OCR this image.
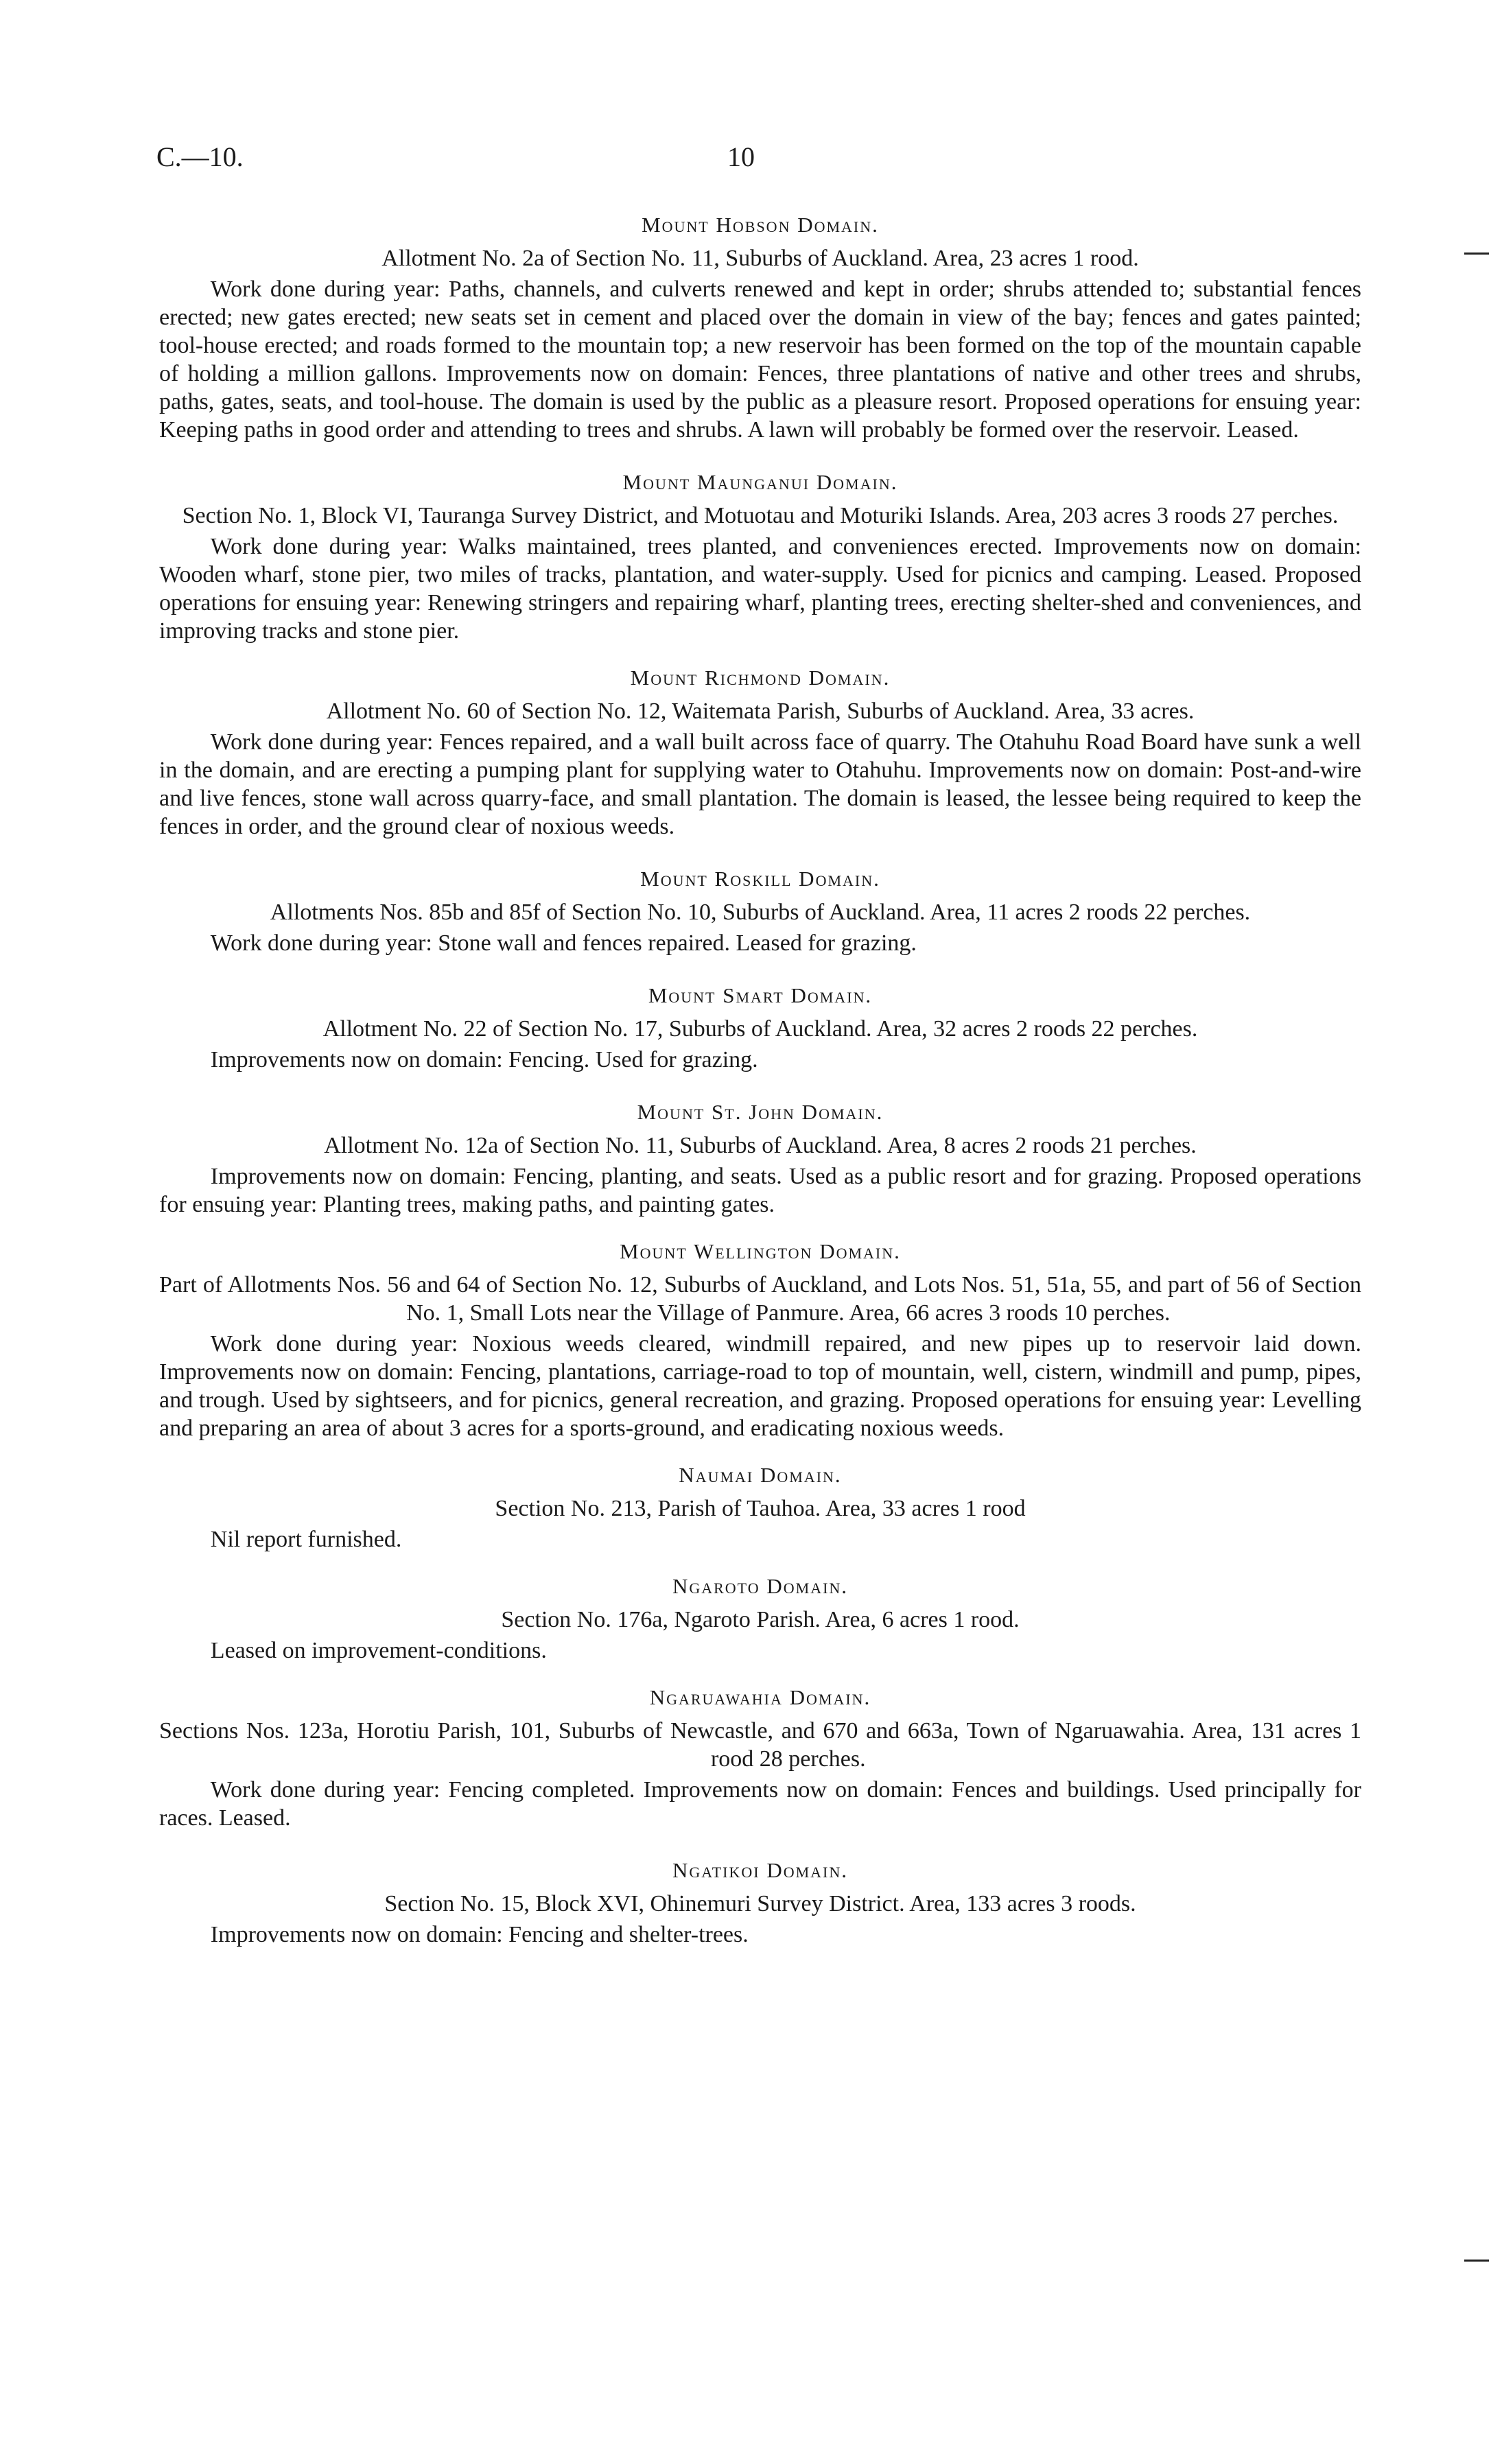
C.—10.	10
Mount Hobson Domain.

Allotment No. 2a of Section No. 11, Suburbs of Auckland. Area, 23 acres 1 rood.

Work done during year: Paths, channels, and culverts renewed and kept in order; shrubs attended to; substantial fences erected; new gates erected; new seats set in cement and placed over the domain in view of the bay; fences and gates painted; tool-house erected; and roads formed to the mountain top; a new reservoir has been formed on the top of the mountain capable of holding a million gallons. Improvements now on domain: Fences, three plantations of native and other trees and shrubs, paths, gates, seats, and tool-house. The domain is used by the public as a pleasure resort. Proposed operations for ensuing year: Keeping paths in good order and attending to trees and shrubs. A lawn will probably be formed over the reservoir. Leased.

Mount Maunganui Domain.

Section No. 1, Block VI, Tauranga Survey District, and Motuotau and Moturiki Islands. Area, 203 acres 3 roods 27 perches.

Work done during year: Walks maintained, trees planted, and conveniences erected. Improvements now on domain: Wooden wharf, stone pier, two miles of tracks, plantation, and water-supply. Used for picnics and camping. Leased. Proposed operations for ensuing year: Renewing stringers and repairing wharf, planting trees, erecting shelter-shed and conveniences, and improving tracks and stone pier.

Mount Richmond Domain.

Allotment No. 60 of Section No. 12, Waitemata Parish, Suburbs of Auckland. Area, 33 acres.

Work done during year: Fences repaired, and a wall built across face of quarry. The Otahuhu Road Board have sunk a well in the domain, and are erecting a pumping plant for supplying water to Otahuhu. Improvements now on domain: Post-and-wire and live fences, stone wall across quarry-face, and small plantation. The domain is leased, the lessee being required to keep the fences in order, and the ground clear of noxious weeds.

Mount Roskill Domain.

Allotments Nos. 85b and 85f of Section No. 10, Suburbs of Auckland. Area, 11 acres 2 roods 22 perches.

Work done during year: Stone wall and fences repaired. Leased for grazing.

Mount Smart Domain.

Allotment No. 22 of Section No. 17, Suburbs of Auckland. Area, 32 acres 2 roods 22 perches.

Improvements now on domain: Fencing. Used for grazing.

Mount St. John Domain.

Allotment No. 12a of Section No. 11, Suburbs of Auckland. Area, 8 acres 2 roods 21 perches.

Improvements now on domain: Fencing, planting, and seats. Used as a public resort and for grazing. Proposed operations for ensuing year: Planting trees, making paths, and painting gates.

Mount Wellington Domain.

Part of Allotments Nos. 56 and 64 of Section No. 12, Suburbs of Auckland, and Lots Nos. 51, 51a, 55, and part of 56 of Section No. 1, Small Lots near the Village of Panmure. Area, 66 acres 3 roods 10 perches.

Work done during year: Noxious weeds cleared, windmill repaired, and new pipes up to reservoir laid down. Improvements now on domain: Fencing, plantations, carriage-road to top of mountain, well, cistern, windmill and pump, pipes, and trough. Used by sightseers, and for picnics, general recreation, and grazing. Proposed operations for ensuing year: Levelling and preparing an area of about 3 acres for a sports-ground, and eradicating noxious weeds.

Naumai Domain.

Section No. 213, Parish of Tauhoa. Area, 33 acres 1 rood

Nil report furnished.

Ngaroto Domain.

Section No. 176a, Ngaroto Parish. Area, 6 acres 1 rood.

Leased on improvement-conditions.

Ngaruawahia Domain.

Sections Nos. 123a, Horotiu Parish, 101, Suburbs of Newcastle, and 670 and 663a, Town of Ngaruawahia. Area, 131 acres 1 rood 28 perches.

Work done during year: Fencing completed. Improvements now on domain: Fences and buildings. Used principally for races. Leased.

Ngatikoi Domain.

Section No. 15, Block XVI, Ohinemuri Survey District. Area, 133 acres 3 roods.

Improvements now on domain: Fencing and shelter-trees.
